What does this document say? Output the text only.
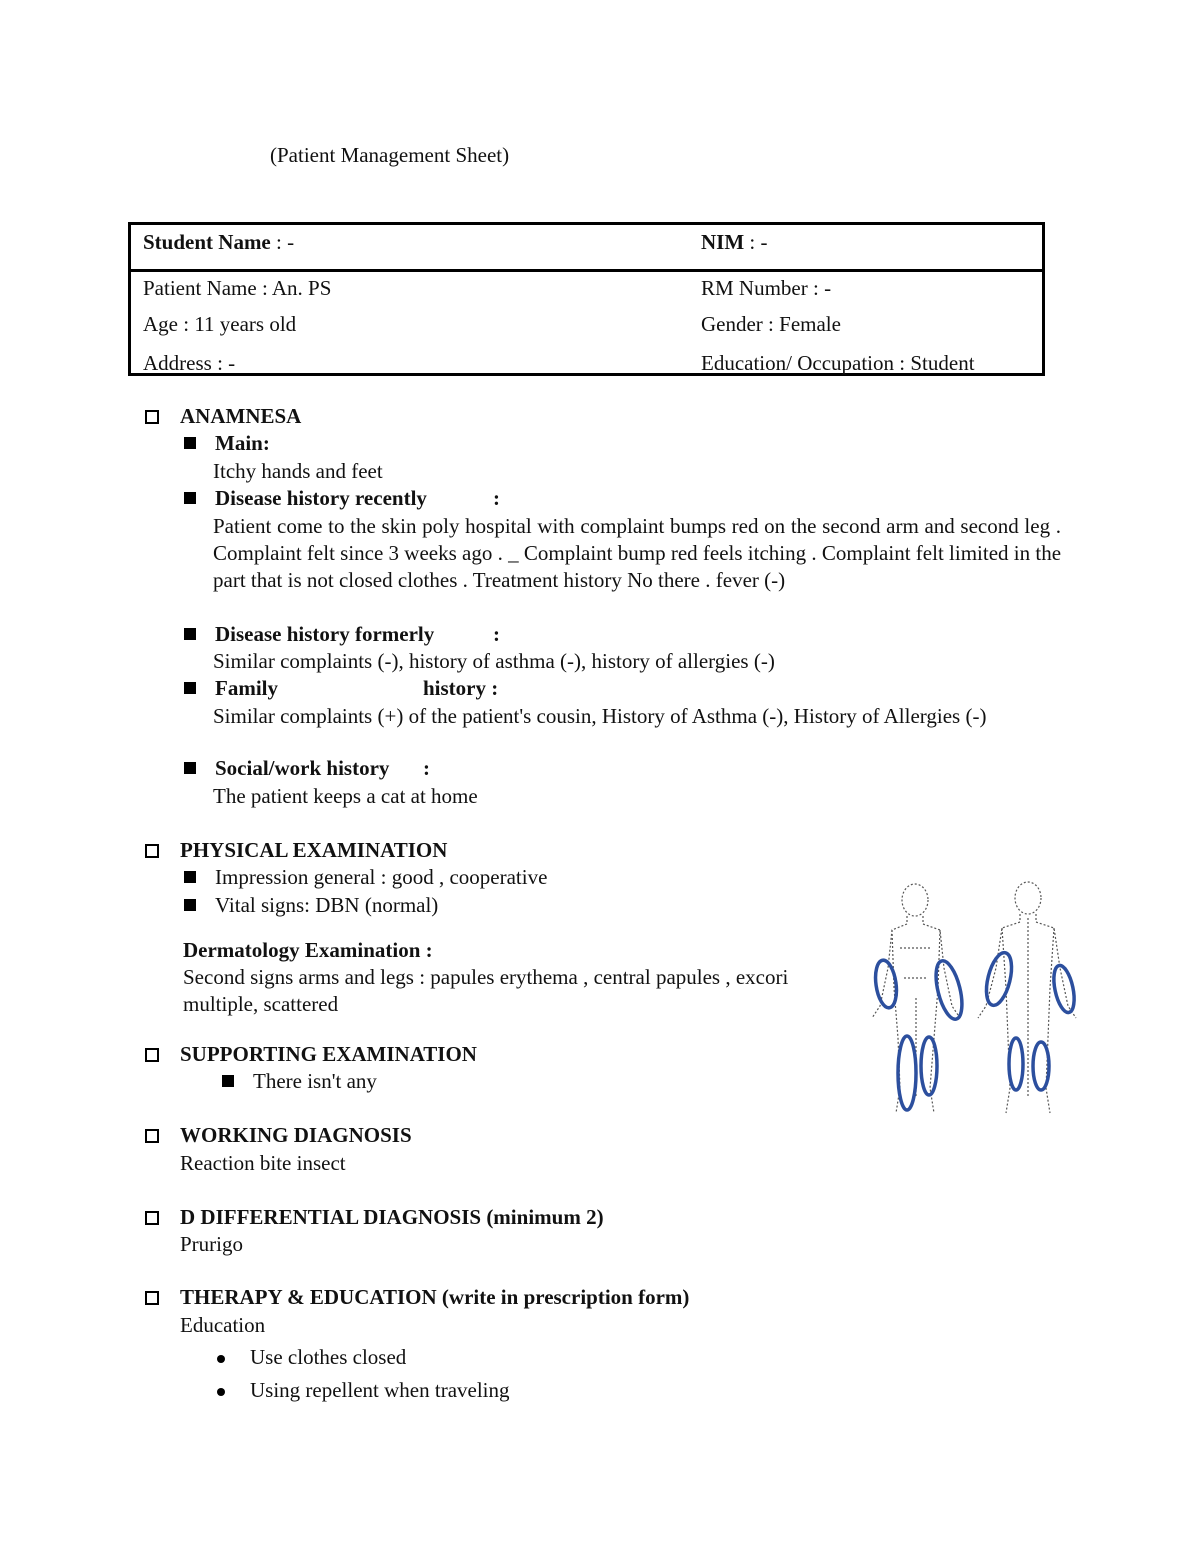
(Patient Management Sheet)
Student Name : -	NIM : -
Patient Name : An. PS	RM Number : -
Age : 11 years old	Gender : Female
Address : -	Education/ Occupation : Student
ANAMNESA
Main:
Itchy hands and feet
Disease history recently	:
Patient come to the skin poly hospital with complaint bumps red on the second arm and second leg . Complaint felt since 3 weeks ago . _ Complaint bump red feels itching . Complaint felt limited in the part that is not closed clothes . Treatment history No there . fever (-)
Disease history formerly	:
Similar complaints (-), history of asthma (-), history of allergies (-)
Family	history :
Similar complaints (+) of the patient's cousin, History of Asthma (-), History of Allergies (-)
Social/work history :
The patient keeps a cat at home
PHYSICAL EXAMINATION
Impression general : good , cooperative
Vital signs: DBN (normal)
Dermatology Examination :
Second signs arms and legs : papules erythema , central papules , excori
multiple, scattered
SUPPORTING EXAMINATION
There isn't any
WORKING DIAGNOSIS
Reaction bite insect
D DIFFERENTIAL DIAGNOSIS (minimum 2)
Prurigo
THERAPY & EDUCATION (write in prescription form)
Education
Use clothes closed
Using repellent when traveling
